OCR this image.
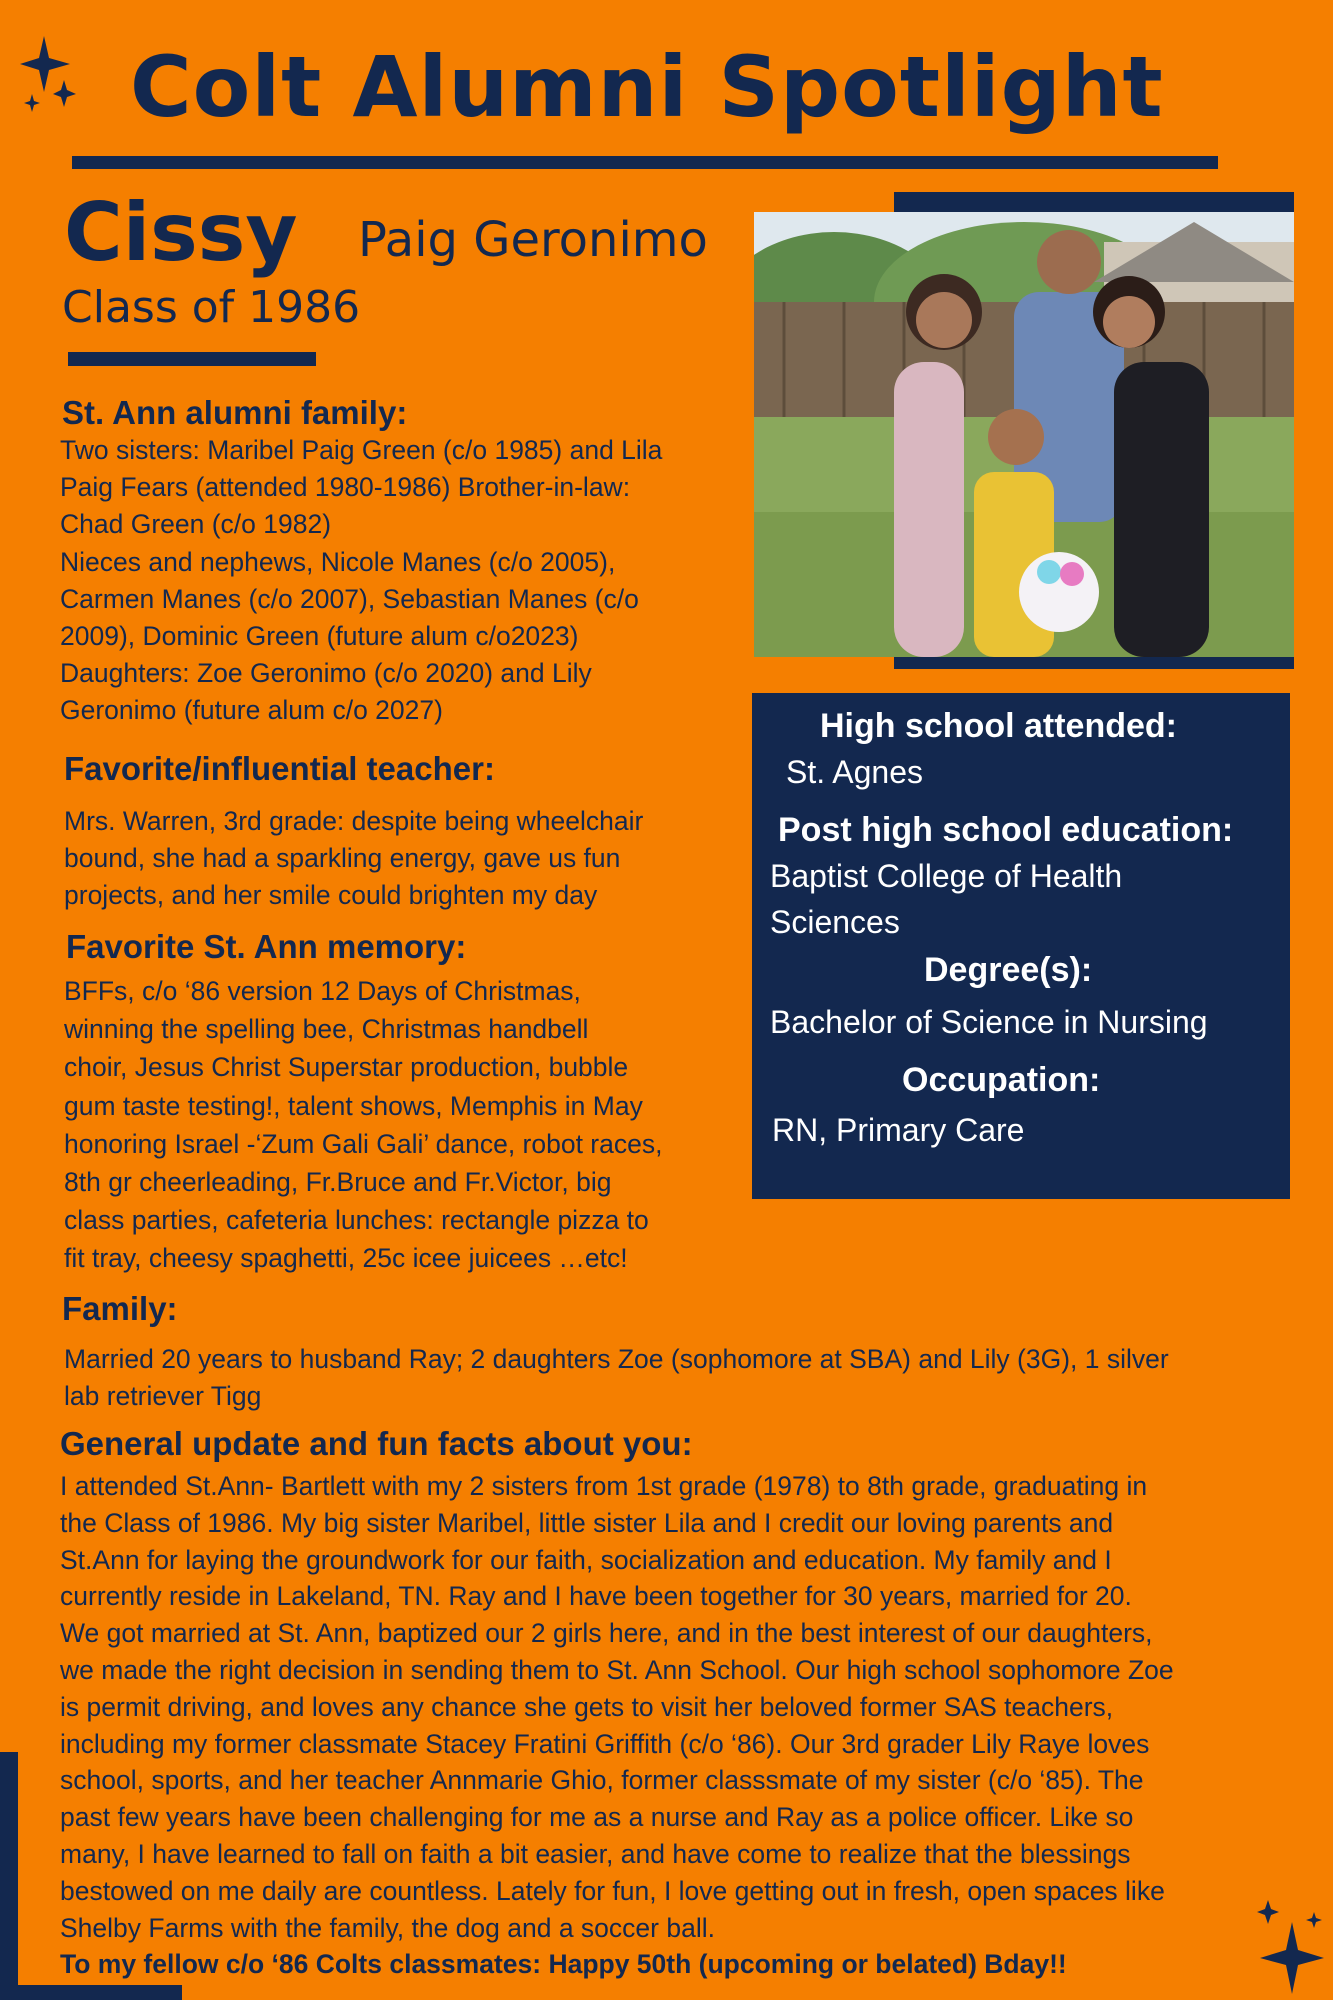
Colt Alumni Spotlight
Cissy Paig Geronimo
Class of 1986
St. Ann alumni family:
Two sisters: Maribel Paig Green (c/o 1985) and Lila
Paig Fears (attended 1980-1986) Brother-in-law:
Chad Green (c/o 1982)
Nieces and nephews, Nicole Manes (c/o 2005),
Carmen Manes (c/o 2007), Sebastian Manes (c/o
2009), Dominic Green (future alum c/o2023)
Daughters: Zoe Geronimo (c/o 2020) and Lily
Geronimo (future alum c/o 2027)
Favorite/influential teacher:
Mrs. Warren, 3rd grade: despite being wheelchair
bound, she had a sparkling energy, gave us fun
projects, and her smile could brighten my day
Favorite St. Ann memory:
BFFs, c/o ‘86 version 12 Days of Christmas,
winning the spelling bee, Christmas handbell
choir, Jesus Christ Superstar production, bubble
gum taste testing!, talent shows, Memphis in May
honoring Israel -‘Zum Gali Gali’ dance, robot races,
8th gr cheerleading, Fr.Bruce and Fr.Victor, big
class parties, cafeteria lunches: rectangle pizza to
fit tray, cheesy spaghetti, 25c icee juicees …etc!
High school attended:
St. Agnes
Post high school education:
Baptist College of Health
Sciences
Degree(s):
Bachelor of Science in Nursing
Occupation:
RN, Primary Care
Family:
Married 20 years to husband Ray; 2 daughters Zoe (sophomore at SBA) and Lily (3G), 1 silver
lab retriever Tigg
General update and fun facts about you:
I attended St.Ann- Bartlett with my 2 sisters from 1st grade (1978) to 8th grade, graduating in
the Class of 1986. My big sister Maribel, little sister Lila and I credit our loving parents and
St.Ann for laying the groundwork for our faith, socialization and education. My family and I
currently reside in Lakeland, TN. Ray and I have been together for 30 years, married for 20.
We got married at St. Ann, baptized our 2 girls here, and in the best interest of our daughters,
we made the right decision in sending them to St. Ann School. Our high school sophomore Zoe
is permit driving, and loves any chance she gets to visit her beloved former SAS teachers,
including my former classmate Stacey Fratini Griffith (c/o ‘86). Our 3rd grader Lily Raye loves
school, sports, and her teacher Annmarie Ghio, former classsmate of my sister (c/o ‘85). The
past few years have been challenging for me as a nurse and Ray as a police officer. Like so
many, I have learned to fall on faith a bit easier, and have come to realize that the blessings
bestowed on me daily are countless. Lately for fun, I love getting out in fresh, open spaces like
Shelby Farms with the family, the dog and a soccer ball.
To my fellow c/o ‘86 Colts classmates: Happy 50th (upcoming or belated) Bday!!
